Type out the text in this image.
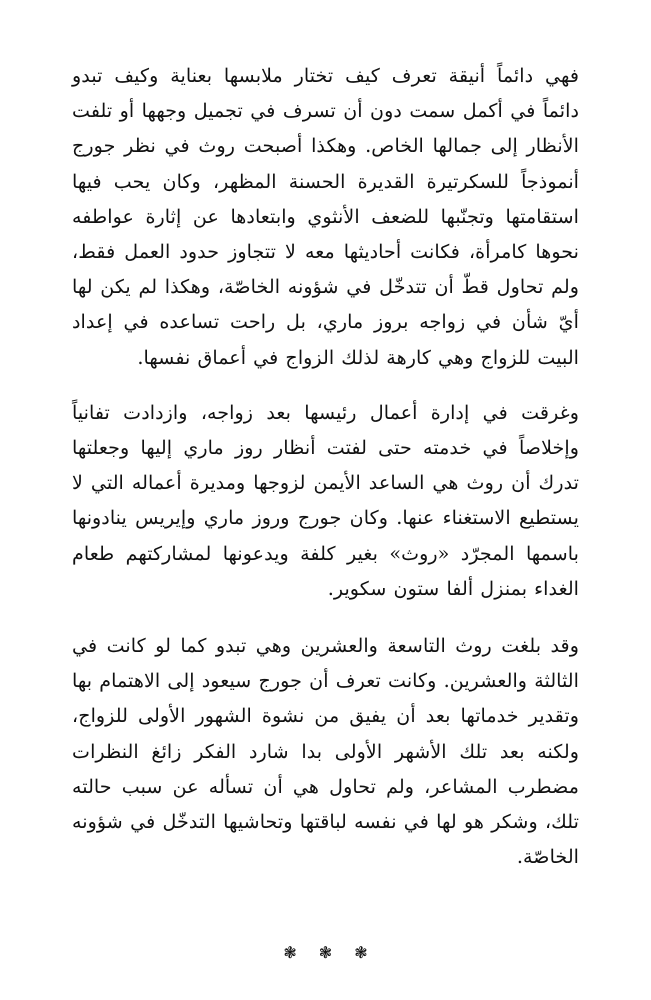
فهي دائماً أنيقة تعرف كيف تختار ملابسها بعناية وكيف تبدو دائماً في أكمل سمت دون أن تسرف في تجميل وجهها أو تلفت الأنظار إلى جمالها الخاص. وهكذا أصبحت روث في نظر جورج أنموذجاً للسكرتيرة القديرة الحسنة المظهر، وكان يحب فيها استقامتها وتجنّبها للضعف الأنثوي وابتعادها عن إثارة عواطفه نحوها كامرأة، فكانت أحاديثها معه لا تتجاوز حدود العمل فقط، ولم تحاول قطّ أن تتدخّل في شؤونه الخاصّة، وهكذا لم يكن لها أيّ شأن في زواجه بروز ماري، بل راحت تساعده في إعداد البيت للزواج وهي كارهة لذلك الزواج في أعماق نفسها.

وغرقت في إدارة أعمال رئيسها بعد زواجه، وازدادت تفانياً وإخلاصاً في خدمته حتى لفتت أنظار روز ماري إليها وجعلتها تدرك أن روث هي الساعد الأيمن لزوجها ومديرة أعماله التي لا يستطيع الاستغناء عنها. وكان جورج وروز ماري وإيريس ينادونها باسمها المجرّد «روث» بغير كلفة ويدعونها لمشاركتهم طعام الغداء بمنزل ألفا ستون سكوير.

وقد بلغت روث التاسعة والعشرين وهي تبدو كما لو كانت في الثالثة والعشرين. وكانت تعرف أن جورج سيعود إلى الاهتمام بها وتقدير خدماتها بعد أن يفيق من نشوة الشهور الأولى للزواج، ولكنه بعد تلك الأشهر الأولى بدا شارد الفكر زائغ النظرات مضطرب المشاعر، ولم تحاول هي أن تسأله عن سبب حالته تلك، وشكر هو لها في نفسه لباقتها وتحاشيها التدخّل في شؤونه الخاصّة.

❃ ❃ ❃
